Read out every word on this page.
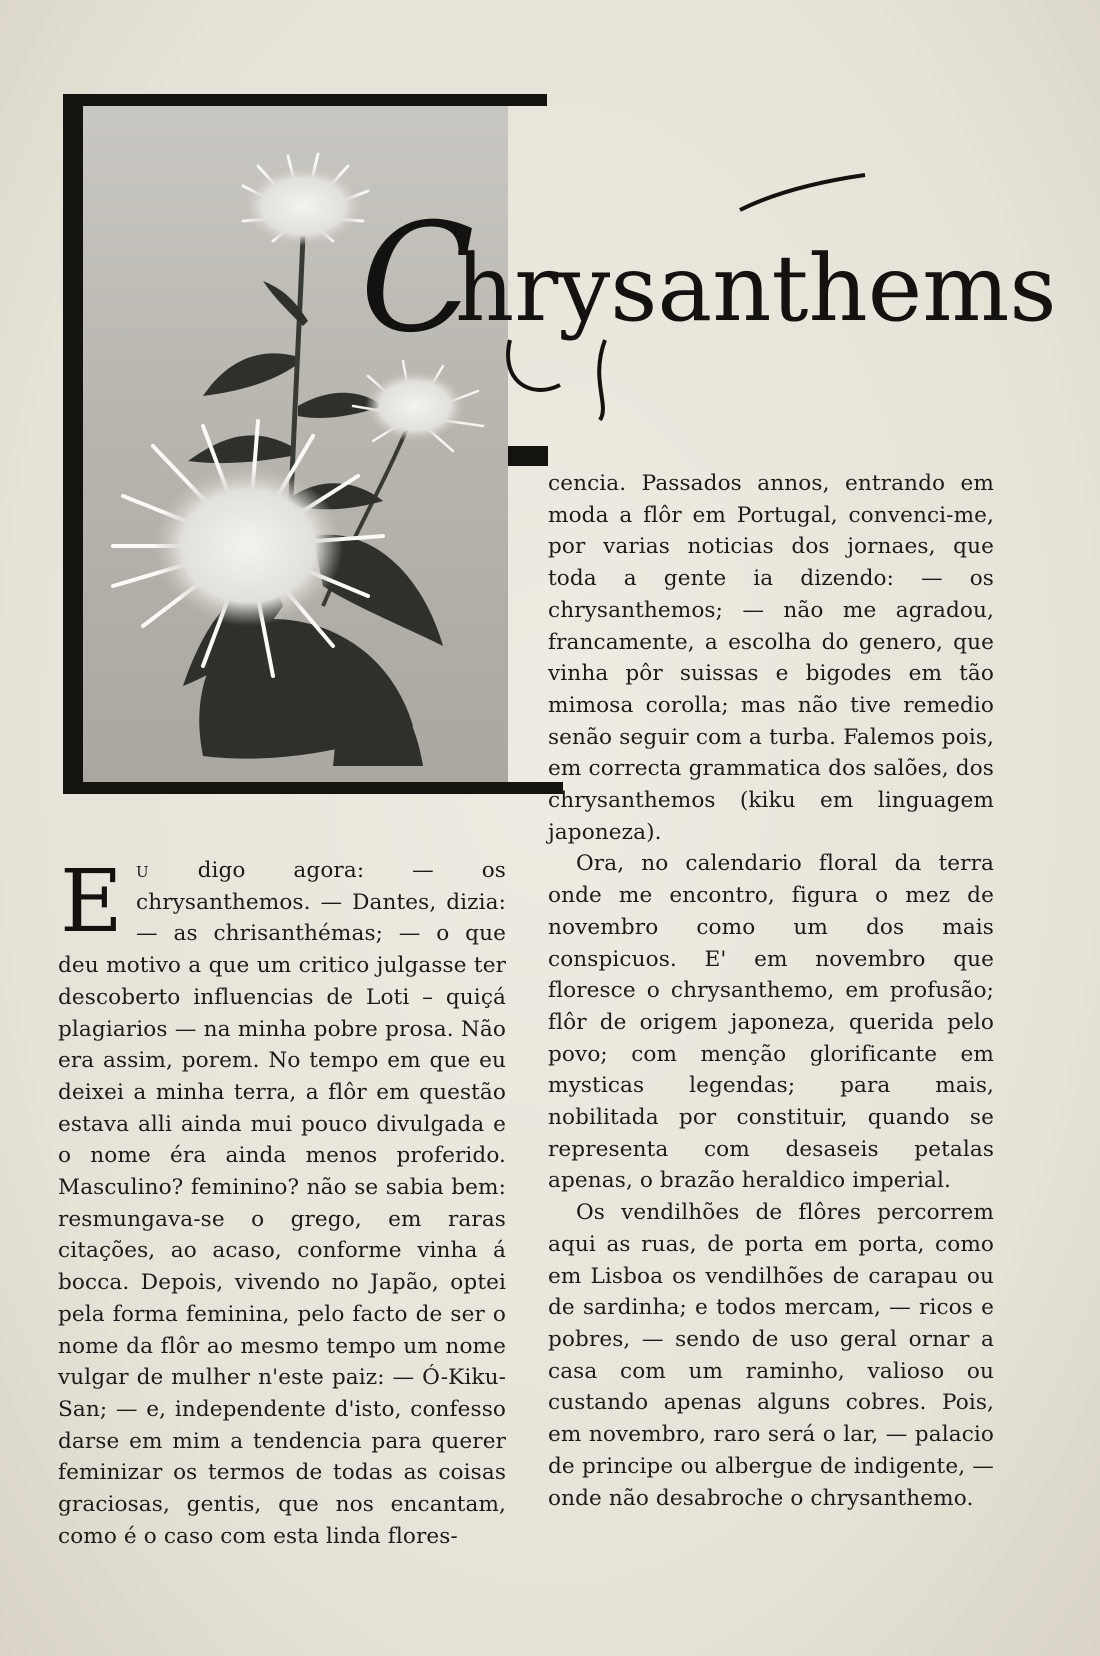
C
hrysanthems

cencia. Passados annos, entrando em moda a flôr em Portugal, convenci-me, por varias noticias dos jornaes, que toda a gente ia dizendo: — os chrysanthemos; — não me agradou, francamente, a escolha do genero, que vinha pôr suissas e bigodes em tão mimosa corolla; mas não tive remedio senão seguir com a turba. Falemos pois, em correcta grammatica dos salões, dos chrysanthemos (kiku em linguagem japoneza).

Ora, no calendario floral da terra onde me encontro, figura o mez de novembro como um dos mais conspicuos. E' em novembro que floresce o chrysanthemo, em profusão; flôr de origem japoneza, querida pelo povo; com menção glorificante em mysticas legendas; para mais, nobilitada por constituir, quando se representa com desaseis petalas apenas, o brazão heraldico imperial.

Os vendilhões de flôres percorrem aqui as ruas, de porta em porta, como em Lisboa os vendilhões de carapau ou de sardinha; e todos mercam, — ricos e pobres, — sendo de uso geral ornar a casa com um raminho, valioso ou custando apenas alguns cobres. Pois, em novembro, raro será o lar, — palacio de principe ou albergue de indigente, — onde não desabroche o chrysanthemo.

E u digo agora: — os chrysanthemos. — Dantes, dizia: — as chrisanthémas; — o que deu motivo a que um critico julgasse ter descoberto influencias de Loti – quiçá plagiarios — na minha pobre prosa. Não era assim, porem. No tempo em que eu deixei a minha terra, a flôr em questão estava alli ainda mui pouco divulgada e o nome éra ainda menos proferido. Masculino? feminino? não se sabia bem: resmungava-se o grego, em raras citações, ao acaso, conforme vinha á bocca. Depois, vivendo no Japão, optei pela forma feminina, pelo facto de ser o nome da flôr ao mesmo tempo um nome vulgar de mulher n'este paiz: — Ó-Kiku-San; — e, independente d'isto, confesso darse em mim a tendencia para querer feminizar os termos de todas as coisas graciosas, gentis, que nos encantam, como é o caso com esta linda flores-
